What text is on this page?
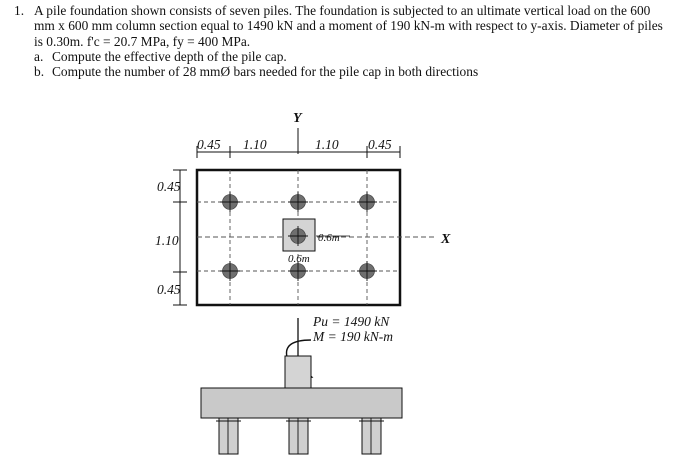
1. A pile foundation shown consists of seven piles. The foundation is subjected to an ultimate vertical load on the 600 mm x 600 mm column section equal to 1490 kN and a moment of 190 kN-m with respect to y-axis. Diameter of piles is 0.30m. f'c = 20.7 MPa, fy = 400 MPa.
a. Compute the effective depth of the pile cap.
b. Compute the number of 28 mmØ bars needed for the pile cap in both directions
Y
0.45 1.10	1.10 0.45
0.45
1.10
0.45
X
0.6m
0.6m
Pu = 1490 kN
M = 190 kN-m
